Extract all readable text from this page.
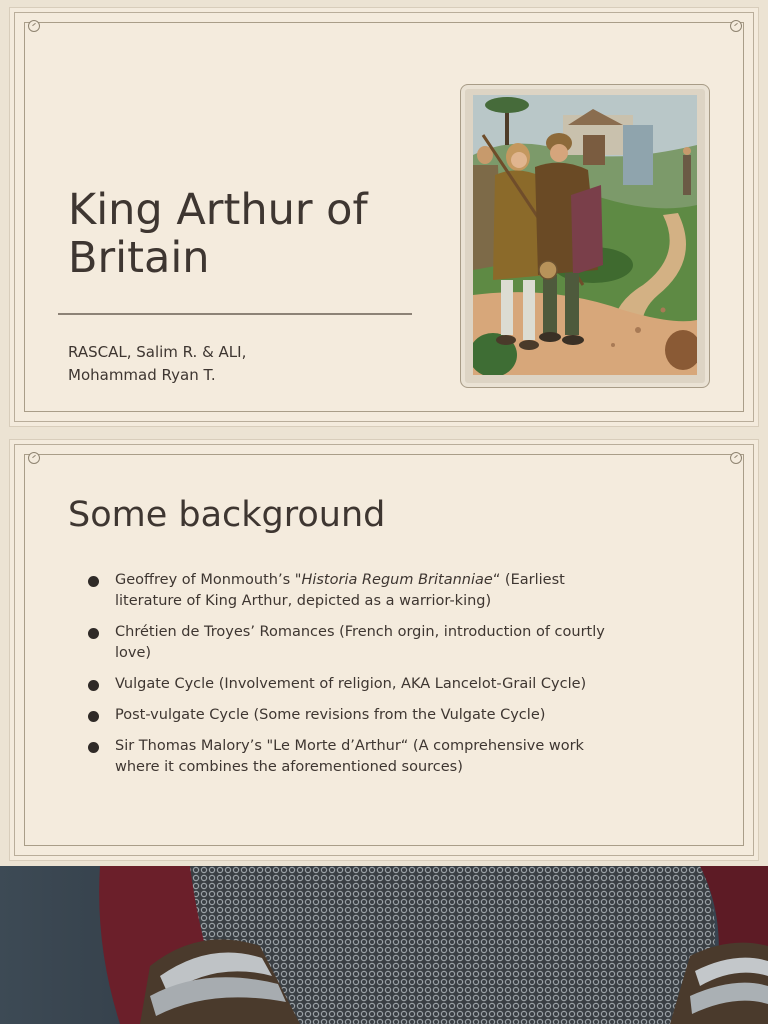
King Arthur of Britain
RASCAL, Salim R. & ALI,
Mohammad Ryan T.
Some background
Geoffrey of Monmouth’s "Historia Regum Britanniae“ (Earliest literature of King Arthur, depicted as a warrior-king)
Chrétien de Troyes’ Romances (French orgin, introduction of courtly love)
Vulgate Cycle (Involvement of religion, AKA Lancelot-Grail Cycle)
Post-vulgate Cycle (Some revisions from the Vulgate Cycle)
Sir Thomas Malory’s "Le Morte d’Arthur“ (A comprehensive work where it combines the aforementioned sources)
